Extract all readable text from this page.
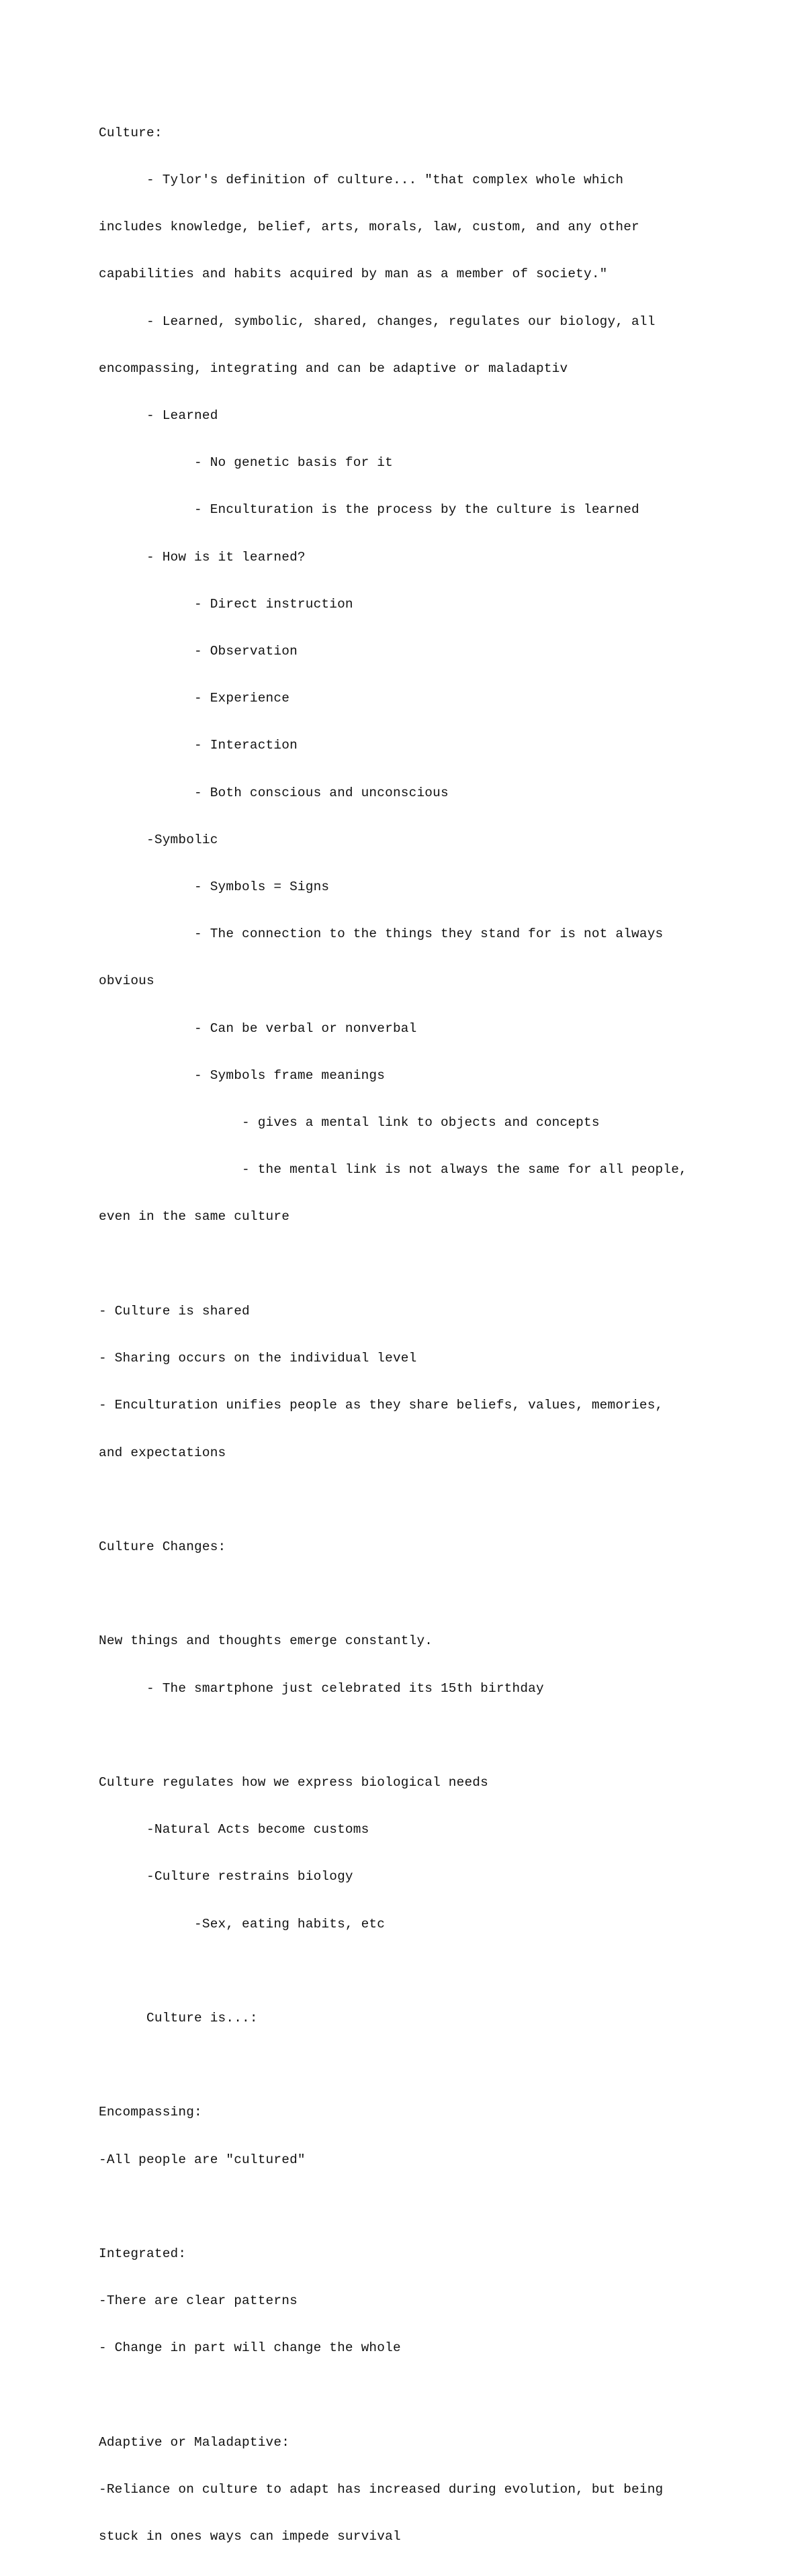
Culture:

- Tylor's definition of culture... "that complex whole which

includes knowledge, belief, arts, morals, law, custom, and any other

capabilities and habits acquired by man as a member of society."

- Learned, symbolic, shared, changes, regulates our biology, all

encompassing, integrating and can be adaptive or maladaptiv

- Learned

- No genetic basis for it

- Enculturation is the process by the culture is learned

- How is it learned?

- Direct instruction

- Observation

- Experience

- Interaction

- Both conscious and unconscious

-Symbolic

- Symbols = Signs

- The connection to the things they stand for is not always

obvious

- Can be verbal or nonverbal

- Symbols frame meanings

- gives a mental link to objects and concepts

- the mental link is not always the same for all people,

even in the same culture

- Culture is shared

- Sharing occurs on the individual level

- Enculturation unifies people as they share beliefs, values, memories,

and expectations

Culture Changes:

New things and thoughts emerge constantly.

- The smartphone just celebrated its 15th birthday

Culture regulates how we express biological needs

-Natural Acts become customs

-Culture restrains biology

-Sex, eating habits, etc

Culture is...:

Encompassing:

-All people are "cultured"

Integrated:

-There are clear patterns

- Change in part will change the whole

Adaptive or Maladaptive:

-Reliance on culture to adapt has increased during evolution, but being

stuck in ones ways can impede survival
